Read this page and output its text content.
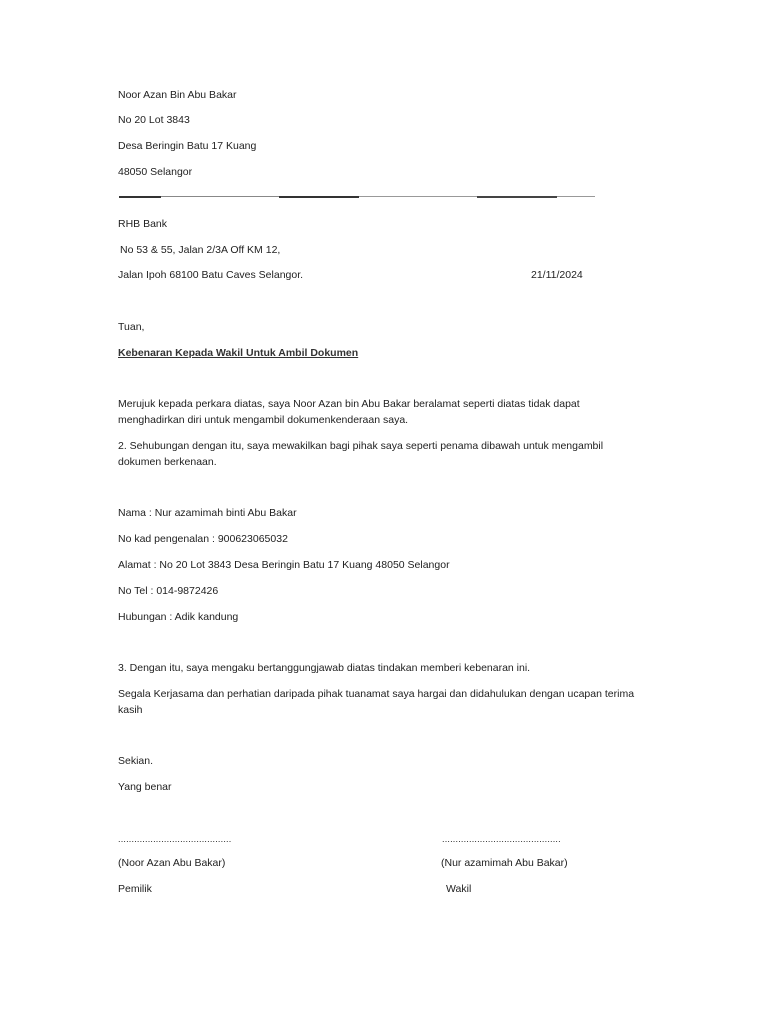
Noor Azan Bin Abu Bakar
No 20 Lot 3843
Desa Beringin Batu 17 Kuang
48050 Selangor
RHB Bank
No 53 & 55, Jalan 2/3A Off KM 12,
Jalan Ipoh 68100 Batu Caves Selangor.	21/11/2024
Tuan,
Kebenaran Kepada Wakil Untuk Ambil Dokumen
Merujuk kepada perkara diatas, saya Noor Azan bin Abu Bakar beralamat seperti diatas tidak dapat menghadirkan diri untuk mengambil dokumenkenderaan saya.
2. Sehubungan dengan itu, saya mewakilkan bagi pihak saya seperti penama dibawah untuk mengambil dokumen berkenaan.
Nama : Nur azamimah binti Abu Bakar
No kad pengenalan : 900623065032
Alamat : No 20 Lot 3843 Desa Beringin Batu 17 Kuang 48050 Selangor
No Tel : 014-9872426
Hubungan : Adik kandung
3. Dengan itu, saya mengaku bertanggungjawab diatas tindakan memberi kebenaran ini.
Segala Kerjasama dan perhatian daripada pihak tuanamat saya hargai dan didahulukan dengan ucapan terima kasih
Sekian.
Yang benar
..........................................	............................................
(Noor Azan Abu Bakar)	(Nur azamimah Abu Bakar)
Pemilik	Wakil
